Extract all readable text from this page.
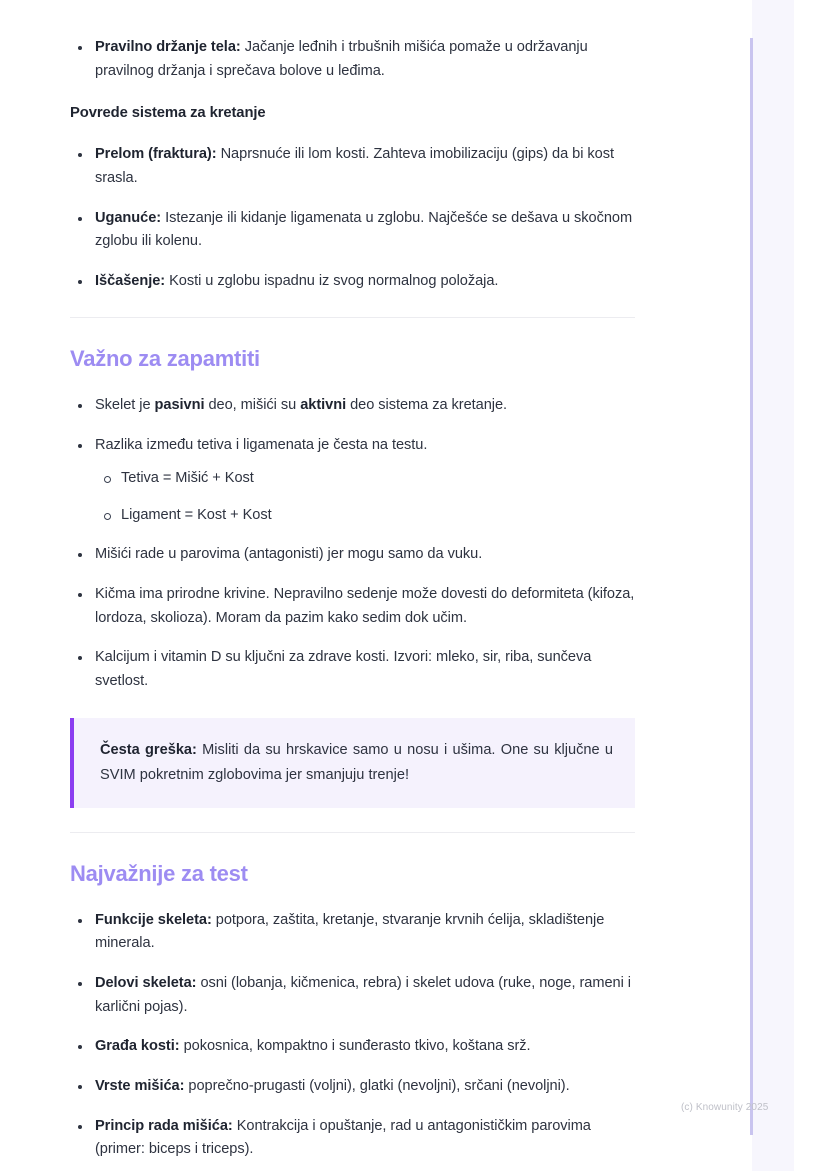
Pravilno držanje tela: Jačanje leđnih i trbušnih mišića pomaže u održavanju pravilnog držanja i sprečava bolove u leđima.
Povrede sistema za kretanje
Prelom (fraktura): Naprsnuće ili lom kosti. Zahteva imobilizaciju (gips) da bi kost srasla.
Uganuće: Istezanje ili kidanje ligamenata u zglobu. Najčešće se dešava u skočnom zglobu ili kolenu.
Iščašenje: Kosti u zglobu ispadnu iz svog normalnog položaja.
Važno za zapamtiti
Skelet je pasivni deo, mišići su aktivni deo sistema za kretanje.
Razlika između tetiva i ligamenata je česta na testu.
Tetiva = Mišić + Kost
Ligament = Kost + Kost
Mišići rade u parovima (antagonisti) jer mogu samo da vuku.
Kičma ima prirodne krivine. Nepravilno sedenje može dovesti do deformiteta (kifoza, lordoza, skolioza). Moram da pazim kako sedim dok učim.
Kalcijum i vitamin D su ključni za zdrave kosti. Izvori: mleko, sir, riba, sunčeva svetlost.
Česta greška: Misliti da su hrskavice samo u nosu i ušima. One su ključne u SVIM pokretnim zglobovima jer smanjuju trenje!
Najvažnije za test
Funkcije skeleta: potpora, zaštita, kretanje, stvaranje krvnih ćelija, skladištenje minerala.
Delovi skeleta: osni (lobanja, kičmenica, rebra) i skelet udova (ruke, noge, rameni i karlični pojas).
Građa kosti: pokosnica, kompaktno i sunđerasto tkivo, koštana srž.
Vrste mišića: poprečno-prugasti (voljni), glatki (nevoljni), srčani (nevoljni).
Princip rada mišića: Kontrakcija i opuštanje, rad u antagonističkim parovima (primer: biceps i triceps).
(c) Knowunity 2025
